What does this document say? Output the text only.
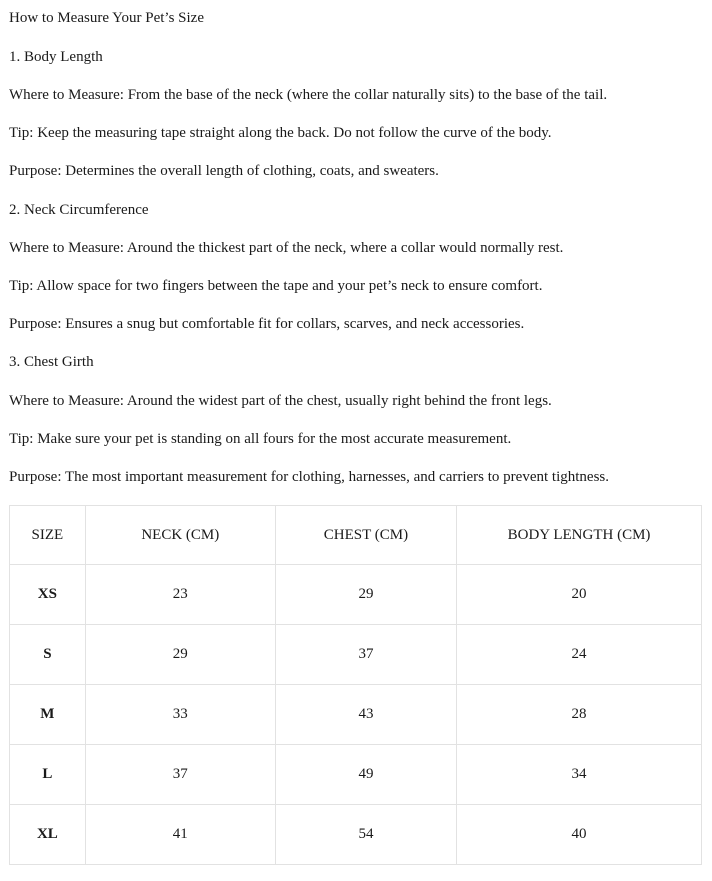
How to Measure Your Pet’s Size
1. Body Length
Where to Measure: From the base of the neck (where the collar naturally sits) to the base of the tail.
Tip: Keep the measuring tape straight along the back. Do not follow the curve of the body.
Purpose: Determines the overall length of clothing, coats, and sweaters.
2. Neck Circumference
Where to Measure: Around the thickest part of the neck, where a collar would normally rest.
Tip: Allow space for two fingers between the tape and your pet’s neck to ensure comfort.
Purpose: Ensures a snug but comfortable fit for collars, scarves, and neck accessories.
3. Chest Girth
Where to Measure: Around the widest part of the chest, usually right behind the front legs.
Tip: Make sure your pet is standing on all fours for the most accurate measurement.
Purpose: The most important measurement for clothing, harnesses, and carriers to prevent tightness.
SIZE	NECK (CM)	CHEST (CM)	BODY LENGTH (CM)
XS	23	29	20
S	29	37	24
M	33	43	28
L	37	49	34
XL	41	54	40
